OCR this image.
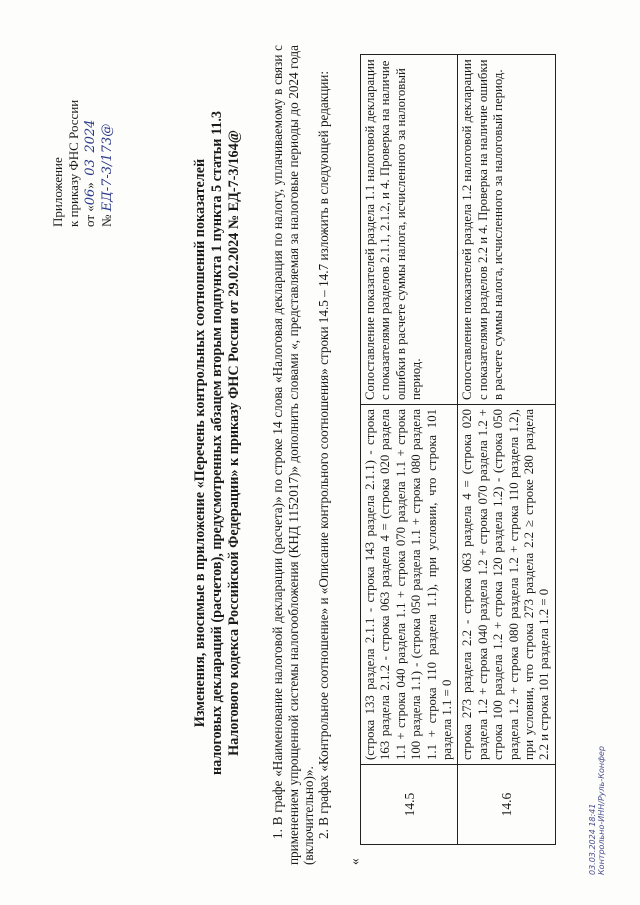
Приложение к приказу ФНС России от «06»  03  2024
№ ЕД-7-3/173@	Изменения, вносимые в приложение «Перечень контрольных соотношений показателей налоговых деклараций (расчетов), предусмотренных абзацем вторым подпункта 1 пункта 5 статьи 11.3 Налогового кодекса Российской Федерации» к приказу ФНС России от 29.02.2024 № ЕД-7-3/164@ 1. В графе «Наименование налоговой декларации (расчета)» по строке 14 слова «Налоговая декларация по налогу, уплачиваемому в связи с применением упрощенной системы налогообложения (КНД 1152017)» дополнить словами «, представляемая за налоговые периоды до 2024 года (включительно)». 2. В графах «Контрольное соотношение» и «Описание контрольного соотношения» строки 14.5 – 14.7 изложить в следующей редакции:
«
14.5	(строка 133 раздела 2.1.1 - строка 143 раздела 2.1.1) - строка 163 раздела 2.1.2 - строка 063 раздела 4 = (строка 020 раздела 1.1 + строка 040 раздела 1.1 + строка 070 раздела 1.1 + строка 100 раздела 1.1) - (строка 050 раздела 1.1 + строка 080 раздела 1.1 + строка 110 раздела 1.1), при условии, что строка 101 раздела 1.1 = 0	Сопоставление показателей раздела 1.1 налоговой декларации с показателями разделов 2.1.1, 2.1.2, и 4. Проверка на наличие ошибки в расчете суммы налога, исчисленного за налоговый период.
14.6	строка 273 раздела 2.2 - строка 063 раздела 4 = (строка 020 раздела 1.2 + строка 040 раздела 1.2 + строка 070 раздела 1.2 + строка 100 раздела 1.2 + строка 120 раздела 1.2) - (строка 050 раздела 1.2 + строка 080 раздела 1.2 + строка 110 раздела 1.2), при условии, что строка 273 раздела 2.2 ≥ строке 280 раздела 2.2 и строка 101 раздела 1.2 = 0	Сопоставление показателей раздела 1.2 налоговой декларации с показателями разделов 2.2 и 4. Проверка на наличие ошибки в расчете суммы налога, исчисленного за налоговый период.
03.03.2024 18:41 Контрольно-ИНН/Руль-Конфер
